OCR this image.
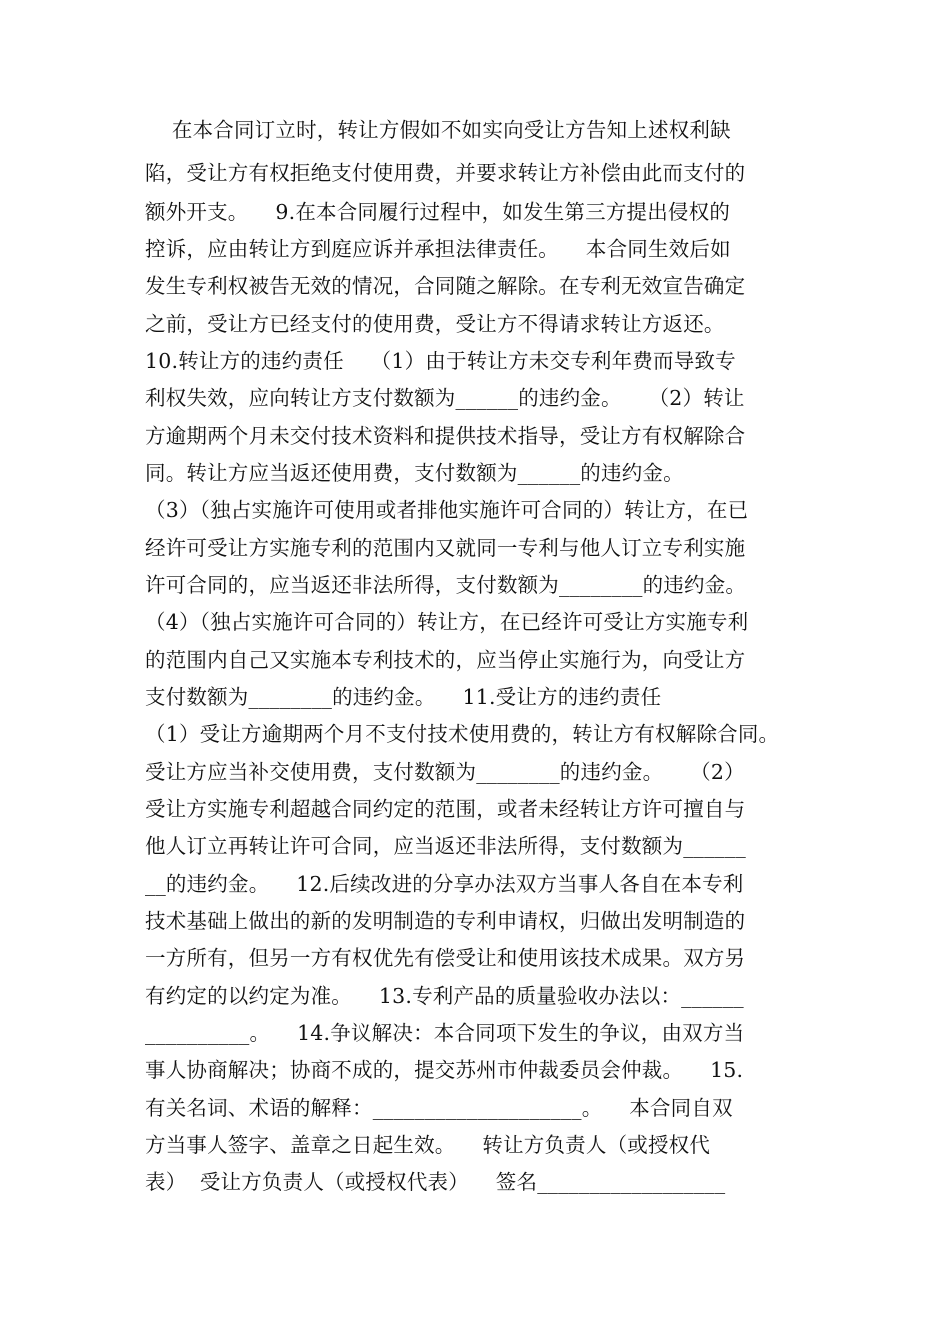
在本合同订立时，转让方假如不如实向受让方告知上述权利缺
陷，受让方有权拒绝支付使用费，并要求转让方补偿由此而支付的
额外开支。    9.在本合同履行过程中，如发生第三方提出侵权的
控诉，应由转让方到庭应诉并承担法律责任。    本合同生效后如
发生专利权被告无效的情况，合同随之解除。在专利无效宣告确定
之前，受让方已经支付的使用费，受让方不得请求转让方返还。
10.转让方的违约责任    （1）由于转让方未交专利年费而导致专
利权失效，应向转让方支付数额为______的违约金。    （2）转让
方逾期两个月未交付技术资料和提供技术指导，受让方有权解除合
同。转让方应当返还使用费，支付数额为______的违约金。
（3）（独占实施许可使用或者排他实施许可合同的）转让方，在已
经许可受让方实施专利的范围内又就同一专利与他人订立专利实施
许可合同的，应当返还非法所得，支付数额为________的违约金。
（4）（独占实施许可合同的）转让方，在已经许可受让方实施专利
的范围内自己又实施本专利技术的，应当停止实施行为，向受让方
支付数额为________的违约金。    11.受让方的违约责任
（1）受让方逾期两个月不支付技术使用费的，转让方有权解除合同。
受让方应当补交使用费，支付数额为________的违约金。    （2）
受让方实施专利超越合同约定的范围，或者未经转让方许可擅自与
他人订立再转让许可合同，应当返还非法所得，支付数额为______
__的违约金。    12.后续改进的分享办法双方当事人各自在本专利
技术基础上做出的新的发明制造的专利申请权，归做出发明制造的
一方所有，但另一方有权优先有偿受让和使用该技术成果。双方另
有约定的以约定为准。    13.专利产品的质量验收办法以：______
__________。    14.争议解决：本合同项下发生的争议，由双方当
事人协商解决；协商不成的，提交苏州市仲裁委员会仲裁。    15.
有关名词、术语的解释：____________________。    本合同自双
方当事人签字、盖章之日起生效。    转让方负责人（或授权代
表）  受让方负责人（或授权代表）    签名__________________
